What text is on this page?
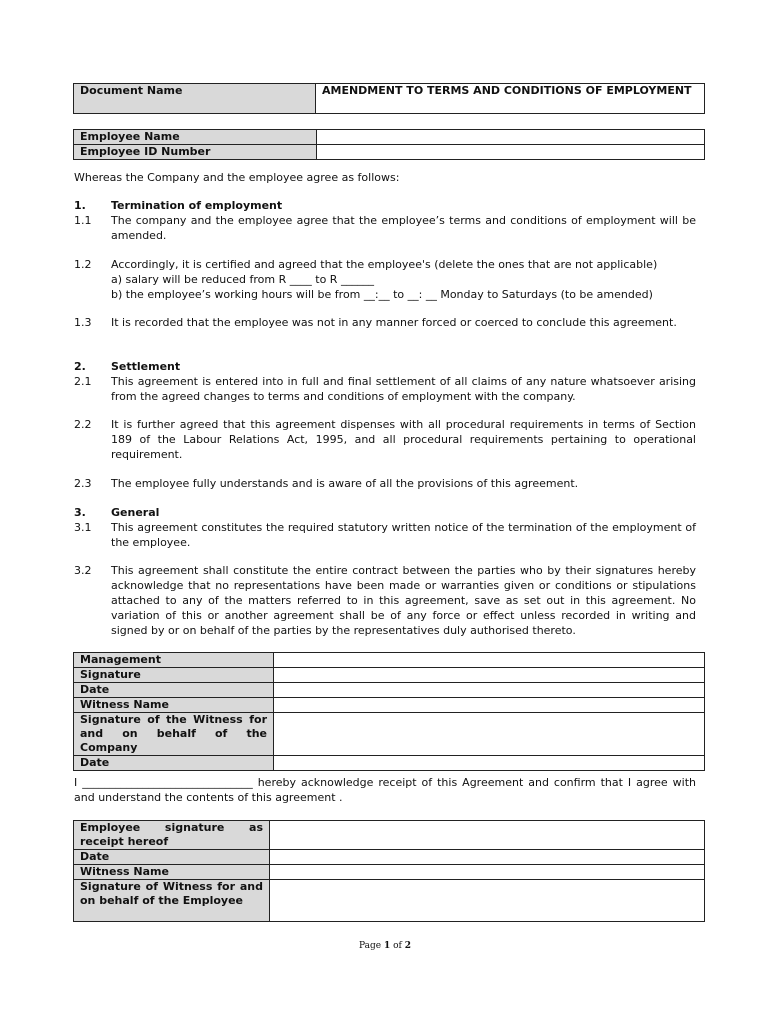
Document Name	AMENDMENT TO TERMS AND CONDITIONS OF EMPLOYMENT
Employee Name	
Employee ID Number	
Whereas the Company and the employee agree as follows:
1.	Termination of employment
1.1	The company and the employee agree that the employee’s terms and conditions of employment will be amended.
1.2	Accordingly, it is certified and agreed that the employee's (delete the ones that are not applicable)
a) salary will be reduced from R ____ to R ______
b) the employee’s working hours will be from __:__ to __: __ Monday to Saturdays (to be amended)
1.3	It is recorded that the employee was not in any manner forced or coerced to conclude this agreement.
2.	Settlement
2.1	This agreement is entered into in full and final settlement of all claims of any nature whatsoever arising from the agreed changes to terms and conditions of employment with the company.
2.2	It is further agreed that this agreement dispenses with all procedural requirements in terms of Section 189 of the Labour Relations Act, 1995, and all procedural requirements pertaining to operational requirement.
2.3	The employee fully understands and is aware of all the provisions of this agreement.
3.	General
3.1	This agreement constitutes the required statutory written notice of the termination of the employment of the employee.
3.2	This agreement shall constitute the entire contract between the parties who by their signatures hereby acknowledge that no representations have been made or warranties given or conditions or stipulations attached to any of the matters referred to in this agreement, save as set out in this agreement. No variation of this or another agreement shall be of any force or effect unless recorded in writing and signed by or on behalf of the parties by the representatives duly authorised thereto.
Management	
Signature	
Date	
Witness Name	
Signature of the Witness for and on behalf of the Company	
Date	
I _______________________________ hereby acknowledge receipt of this Agreement and confirm that I agree with and understand the contents of this agreement .
Employee signature as receipt hereof	
Date	
Witness Name	
Signature of Witness for and on behalf of the Employee	
Page 1 of 2
